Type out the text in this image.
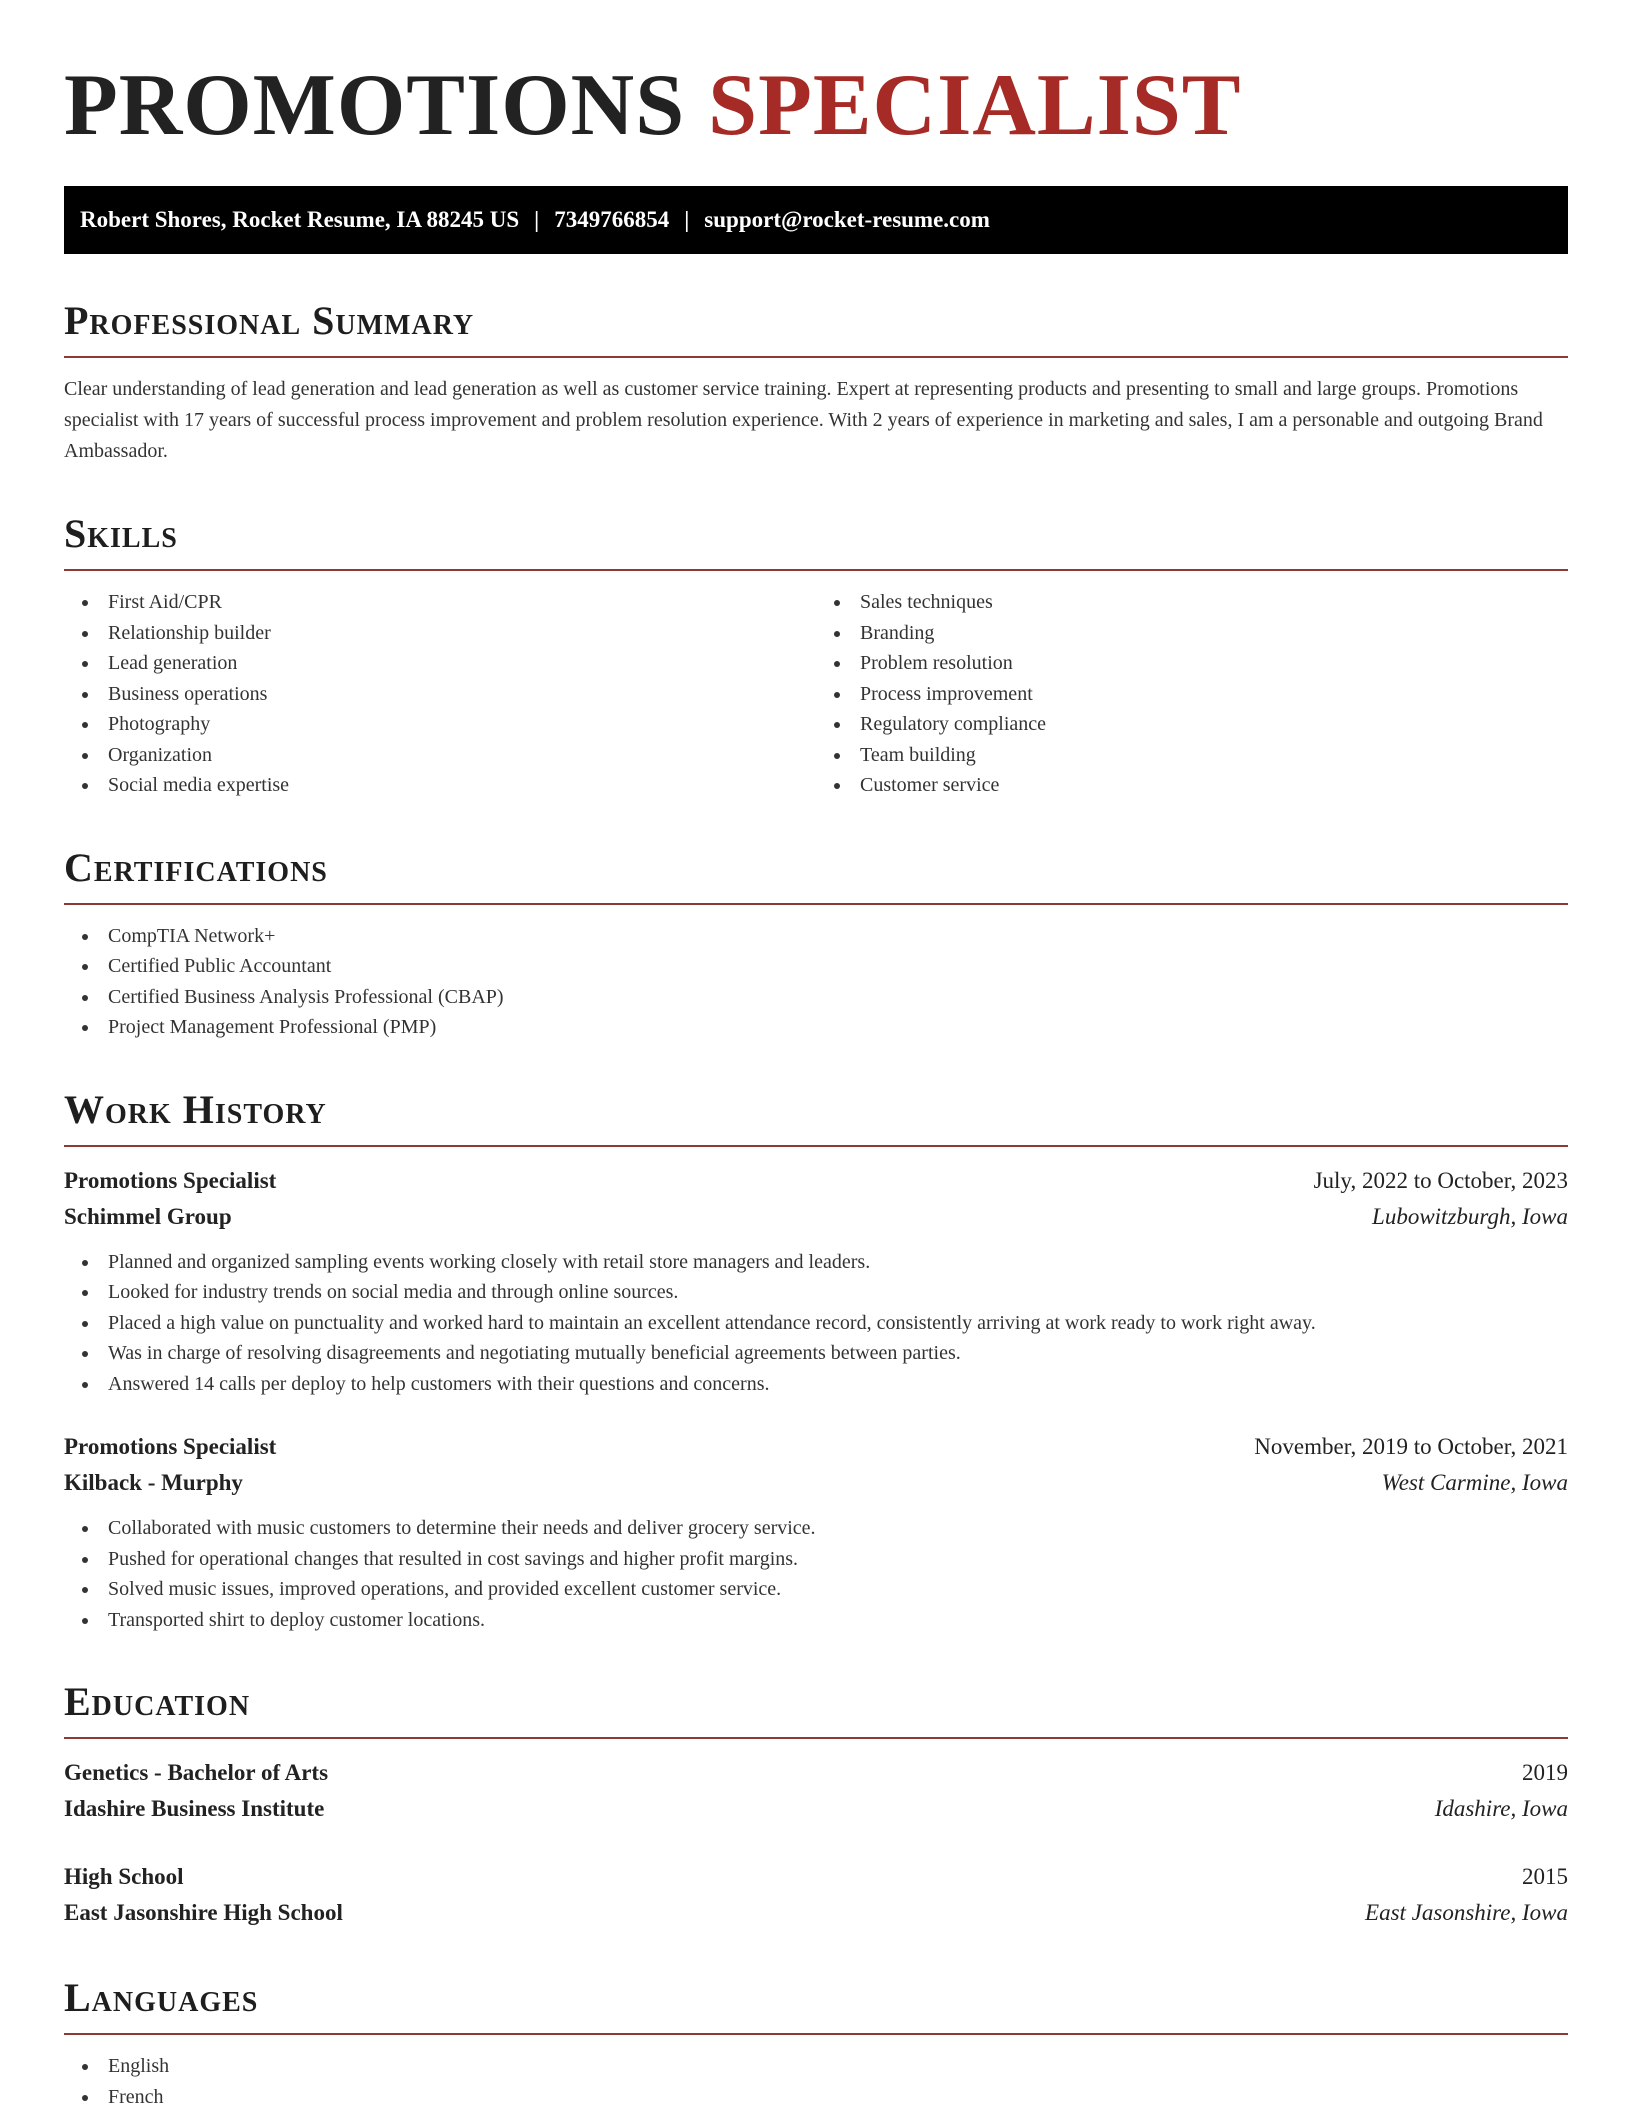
PROMOTIONS SPECIALIST
Robert Shores, Rocket Resume, IA 88245 US | 7349766854 | support@rocket-resume.com
Professional Summary

Clear understanding of lead generation and lead generation as well as customer service training. Expert at representing products and presenting to small and large groups. Promotions specialist with 17 years of successful process improvement and problem resolution experience. With 2 years of experience in marketing and sales, I am a personable and outgoing Brand Ambassador.

Skills
First Aid/CPR
Relationship builder
Lead generation
Business operations
Photography
Organization
Social media expertise
Sales techniques
Branding
Problem resolution
Process improvement
Regulatory compliance
Team building
Customer service
Certifications
CompTIA Network+
Certified Public Accountant
Certified Business Analysis Professional (CBAP)
Project Management Professional (PMP)
Work History
Promotions Specialist	July, 2022 to October, 2023
Schimmel Group	Lubowitzburgh, Iowa
Planned and organized sampling events working closely with retail store managers and leaders.
Looked for industry trends on social media and through online sources.
Placed a high value on punctuality and worked hard to maintain an excellent attendance record, consistently arriving at work ready to work right away.
Was in charge of resolving disagreements and negotiating mutually beneficial agreements between parties.
Answered 14 calls per deploy to help customers with their questions and concerns.
Promotions Specialist	November, 2019 to October, 2021
Kilback - Murphy	West Carmine, Iowa
Collaborated with music customers to determine their needs and deliver grocery service.
Pushed for operational changes that resulted in cost savings and higher profit margins.
Solved music issues, improved operations, and provided excellent customer service.
Transported shirt to deploy customer locations.
Education
Genetics - Bachelor of Arts	2019
Idashire Business Institute	Idashire, Iowa
High School	2015
East Jasonshire High School	East Jasonshire, Iowa
Languages
English
French
